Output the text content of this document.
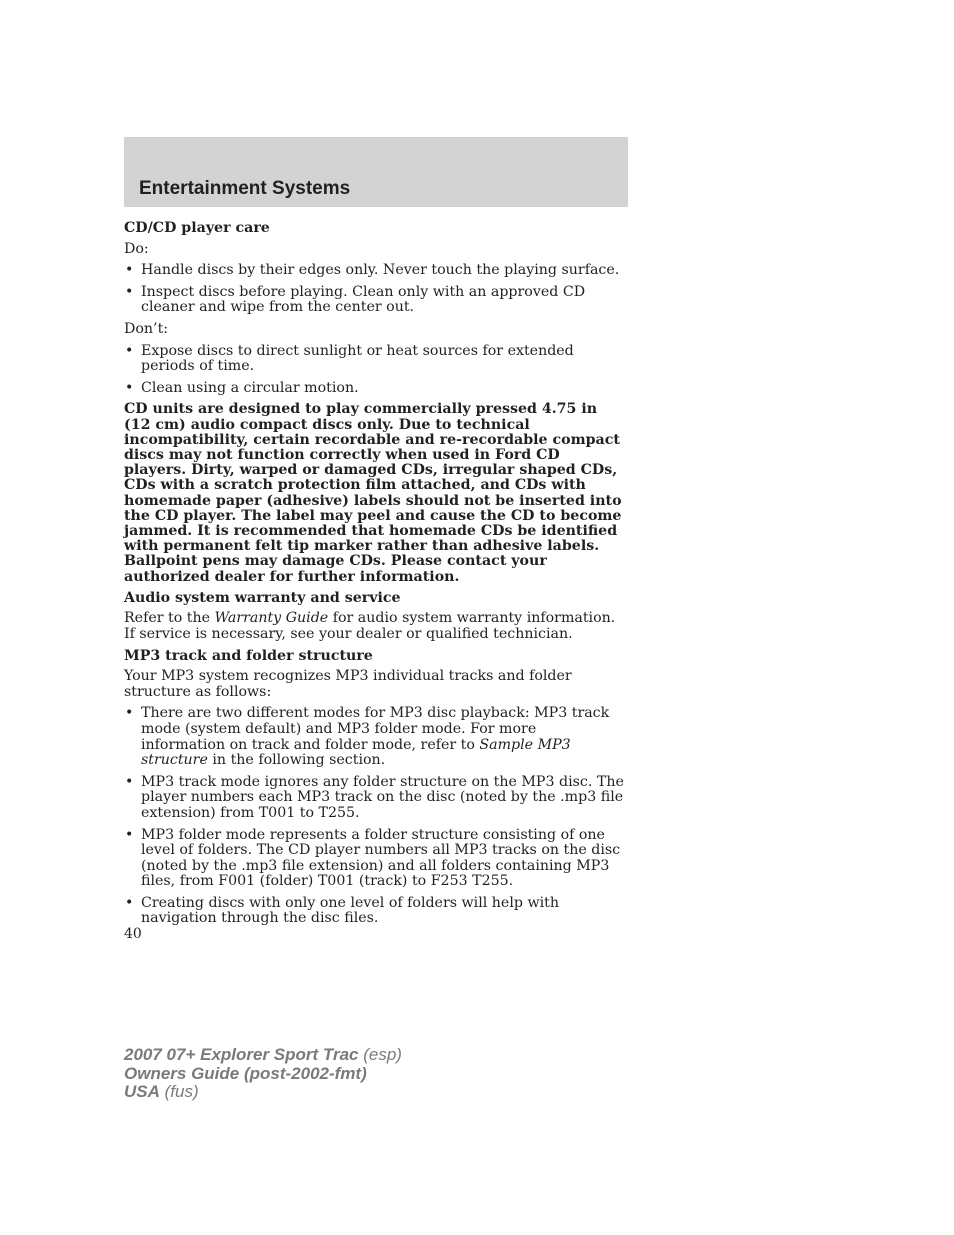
Entertainment Systems

CD/CD player care

Do:

• Handle discs by their edges only. Never touch the playing surface.
• Inspect discs before playing. Clean only with an approved CD cleaner and wipe from the center out.

Don’t:

• Expose discs to direct sunlight or heat sources for extended periods of time.
• Clean using a circular motion.

CD units are designed to play commercially pressed 4.75 in (12 cm) audio compact discs only. Due to technical incompatibility, certain recordable and re-recordable compact discs may not function correctly when used in Ford CD players. Dirty, warped or damaged CDs, irregular shaped CDs, CDs with a scratch protection film attached, and CDs with homemade paper (adhesive) labels should not be inserted into the CD player. The label may peel and cause the CD to become jammed. It is recommended that homemade CDs be identified with permanent felt tip marker rather than adhesive labels. Ballpoint pens may damage CDs. Please contact your authorized dealer for further information.

Audio system warranty and service

Refer to the Warranty Guide for audio system warranty information. If service is necessary, see your dealer or qualified technician.

MP3 track and folder structure

Your MP3 system recognizes MP3 individual tracks and folder structure as follows:

• There are two different modes for MP3 disc playback: MP3 track mode (system default) and MP3 folder mode. For more information on track and folder mode, refer to Sample MP3 structure in the following section.
• MP3 track mode ignores any folder structure on the MP3 disc. The player numbers each MP3 track on the disc (noted by the .mp3 file extension) from T001 to T255.
• MP3 folder mode represents a folder structure consisting of one level of folders. The CD player numbers all MP3 tracks on the disc (noted by the .mp3 file extension) and all folders containing MP3 files, from F001 (folder) T001 (track) to F253 T255.
• Creating discs with only one level of folders will help with navigation through the disc files.
40
2007 07+ Explorer Sport Trac (esp)
Owners Guide (post-2002-fmt)
USA (fus)
